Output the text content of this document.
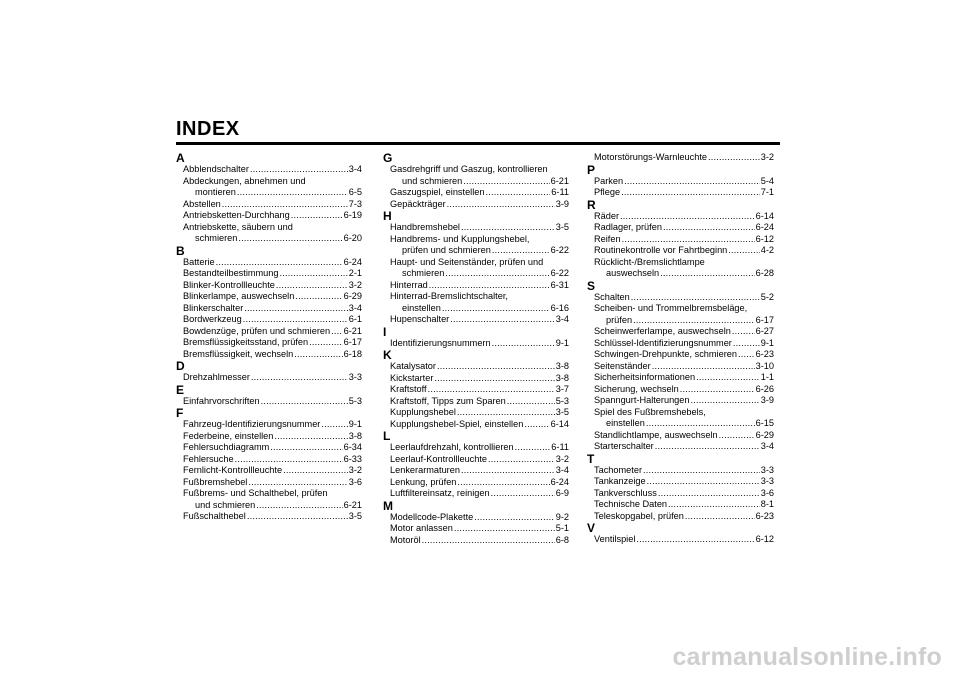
INDEX
A
Abblendschalter .....	3-4
Abdeckungen, abnehmen und
montieren .....	6-5
Abstellen .....	7-3
Antriebsketten-Durchhang .....	6-19
Antriebskette, säubern und
schmieren .....	6-20
B
Batterie .....	6-24
Bestandteilbestimmung .....	2-1
Blinker-Kontrollleuchte .....	3-2
Blinkerlampe, auswechseln .....	6-29
Blinkerschalter .....	3-4
Bordwerkzeug .....	6-1
Bowdenzüge, prüfen und schmieren ..... 6-21
Bremsflüssigkeitsstand, prüfen .....	6-17
Bremsflüssigkeit, wechseln .....	6-18
D
Drehzahlmesser .....	3-3
E
Einfahrvorschriften .....	5-3
F
Fahrzeug-Identifizierungsnummer .....	9-1
Federbeine, einstellen .....	3-8
Fehlersuchdiagramm .....	6-34
Fehlersuche .....	6-33
Fernlicht-Kontrollleuchte .....	3-2
Fußbremshebel .....	3-6
Fußbrems- und Schalthebel, prüfen
und schmieren .....	6-21
Fußschalthebel .....	3-5
G
Gasdrehgriff und Gaszug, kontrollieren
und schmieren .....	6-21
Gaszugspiel, einstellen .....	6-11
Gepäckträger .....	3-9
H
Handbremshebel .....	3-5
Handbrems- und Kupplungshebel,
prüfen und schmieren .....	6-22
Haupt- und Seitenständer, prüfen und
schmieren .....	6-22
Hinterrad .....	6-31
Hinterrad-Bremslichtschalter,
einstellen .....	6-16
Hupenschalter .....	3-4
I
Identifizierungsnummern .....	9-1
K
Katalysator .....	3-8
Kickstarter .....	3-8
Kraftstoff .....	3-7
Kraftstoff, Tipps zum Sparen .....	5-3
Kupplungshebel .....	3-5
Kupplungshebel-Spiel, einstellen .....	6-14
L
Leerlaufdrehzahl, kontrollieren .....	6-11
Leerlauf-Kontrollleuchte .....	3-2
Lenkerarmaturen .....	3-4
Lenkung, prüfen .....	6-24
Luftfiltereinsatz, reinigen .....	6-9
M
Modellcode-Plakette .....	9-2
Motor anlassen .....	5-1
Motoröl .....	6-8
Motorstörungs-Warnleuchte .....	3-2
P
Parken .....	5-4
Pflege .....	7-1
R
Räder .....	6-14
Radlager, prüfen .....	6-24
Reifen .....	6-12
Routinekontrolle vor Fahrtbeginn .....	4-2
Rücklicht-/Bremslichtlampe
auswechseln .....	6-28
S
Schalten .....	5-2
Scheiben- und Trommelbremsbeläge,
prüfen .....	6-17
Scheinwerferlampe, auswechseln .....	6-27
Schlüssel-Identifizierungsnummer .....	9-1
Schwingen-Drehpunkte, schmieren ..... 6-23
Seitenständer .....	3-10
Sicherheitsinformationen .....	1-1
Sicherung, wechseln .....	6-26
Spanngurt-Halterungen .....	3-9
Spiel des Fußbremshebels,
einstellen .....	6-15
Standlichtlampe, auswechseln .....	6-29
Starterschalter .....	3-4
T
Tachometer .....	3-3
Tankanzeige .....	3-3
Tankverschluss .....	3-6
Technische Daten .....	8-1
Teleskopgabel, prüfen .....	6-23
V
Ventilspiel .....	6-12
carmanualsonline.info
